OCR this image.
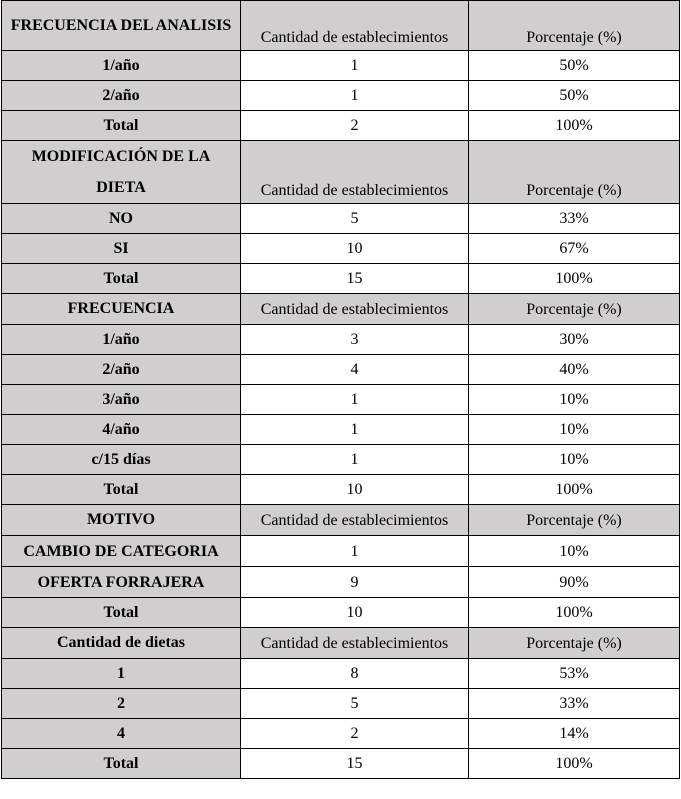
FRECUENCIA DEL ANALISIS	Cantidad de establecimientos	Porcentaje (%)
1/año	1	50%
2/año	1	50%
Total	2	100%
MODIFICACIÓN DE LA DIETA	Cantidad de establecimientos	Porcentaje (%)
NO	5	33%
SI	10	67%
Total	15	100%
FRECUENCIA	Cantidad de establecimientos	Porcentaje (%)
1/año	3	30%
2/año	4	40%
3/año	1	10%
4/año	1	10%
c/15 días	1	10%
Total	10	100%
MOTIVO	Cantidad de establecimientos	Porcentaje (%)
CAMBIO DE CATEGORIA	1	10%
OFERTA FORRAJERA	9	90%
Total	10	100%
Cantidad de dietas	Cantidad de establecimientos	Porcentaje (%)
1	8	53%
2	5	33%
4	2	14%
Total	15	100%
